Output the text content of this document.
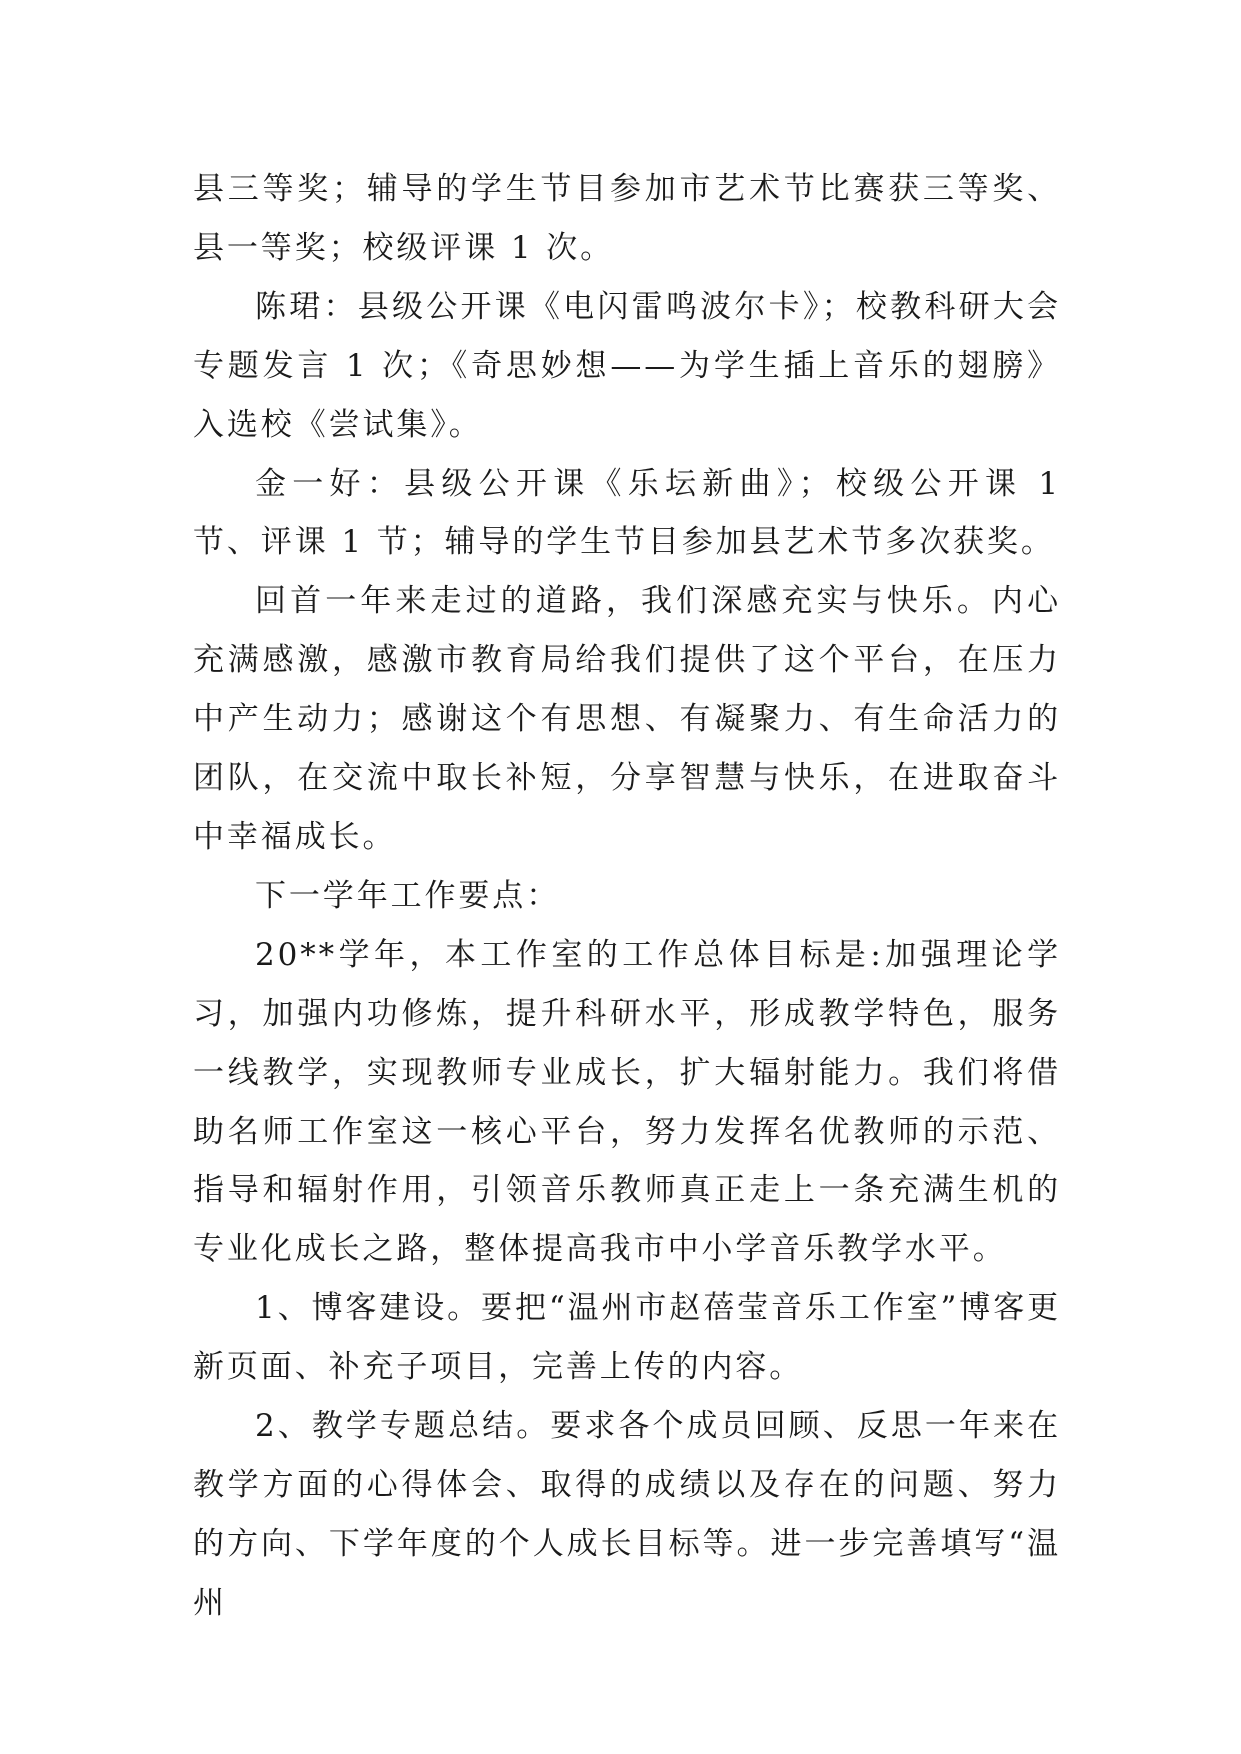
县三等奖；辅导的学生节目参加市艺术节比赛获三等奖、县一等奖；校级评课 1 次。

陈珺：县级公开课《电闪雷鸣波尔卡》；校教科研大会专题发言 1 次；《奇思妙想——为学生插上音乐的翅膀》入选校《尝试集》。

金一好：县级公开课《乐坛新曲》；校级公开课 1 节、评课 1 节；辅导的学生节目参加县艺术节多次获奖。

回首一年来走过的道路，我们深感充实与快乐。内心充满感激，感激市教育局给我们提供了这个平台，在压力中产生动力；感谢这个有思想、有凝聚力、有生命活力的团队，在交流中取长补短，分享智慧与快乐，在进取奋斗中幸福成长。

下一学年工作要点：

20**学年，本工作室的工作总体目标是:加强理论学习，加强内功修炼，提升科研水平，形成教学特色，服务一线教学，实现教师专业成长，扩大辐射能力。我们将借助名师工作室这一核心平台，努力发挥名优教师的示范、指导和辐射作用，引领音乐教师真正走上一条充满生机的专业化成长之路，整体提高我市中小学音乐教学水平。

1、博客建设。要把“温州市赵蓓莹音乐工作室”博客更新页面、补充子项目，完善上传的内容。

2、教学专题总结。要求各个成员回顾、反思一年来在教学方面的心得体会、取得的成绩以及存在的问题、努力的方向、下学年度的个人成长目标等。进一步完善填写“温州
